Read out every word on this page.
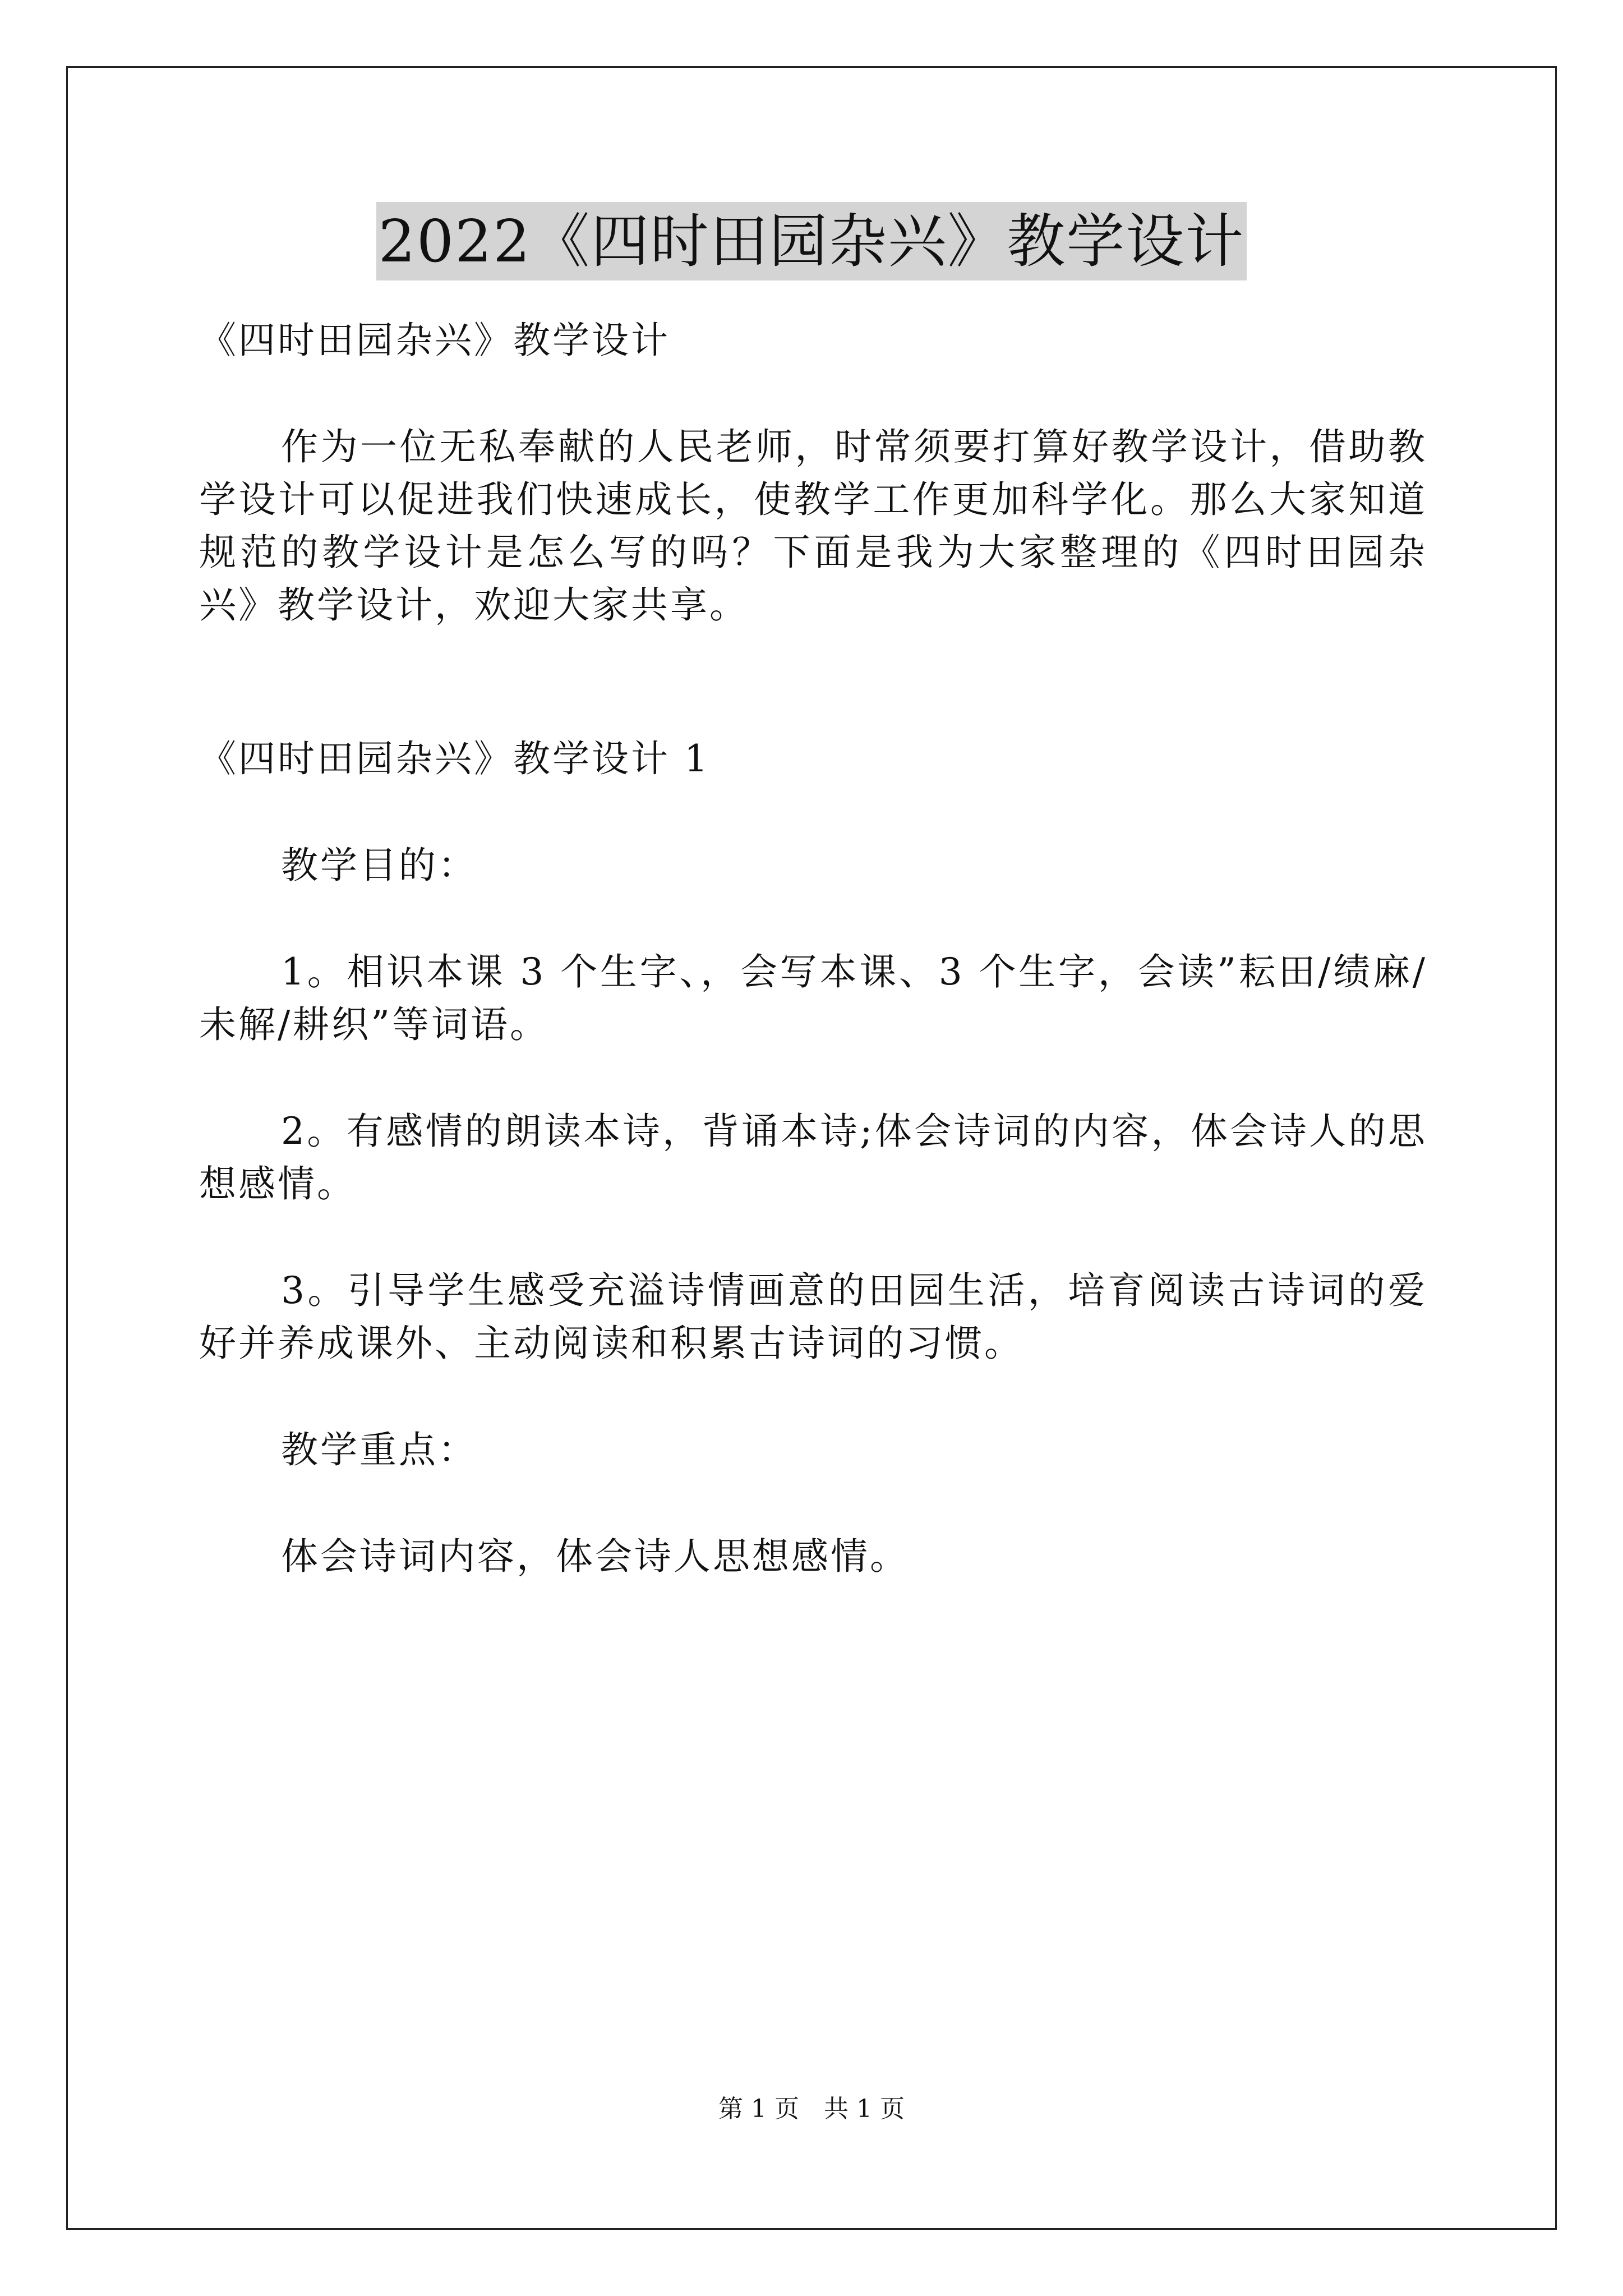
2022《四时田园杂兴》教学设计

《四时田园杂兴》教学设计

作为一位无私奉献的人民老师，时常须要打算好教学设计，借助教学设计可以促进我们快速成长，使教学工作更加科学化。那么大家知道规范的教学设计是怎么写的吗？下面是我为大家整理的《四时田园杂兴》教学设计，欢迎大家共享。

《四时田园杂兴》教学设计 1

教学目的：

1。相识本课 3 个生字、，会写本课、3 个生字，会读”耘田/绩麻/未解/耕织”等词语。

2。有感情的朗读本诗，背诵本诗;体会诗词的内容，体会诗人的思想感情。

3。引导学生感受充溢诗情画意的田园生活，培育阅读古诗词的爱好并养成课外、主动阅读和积累古诗词的习惯。

教学重点：

体会诗词内容，体会诗人思想感情。

第 1 页　共 1 页
